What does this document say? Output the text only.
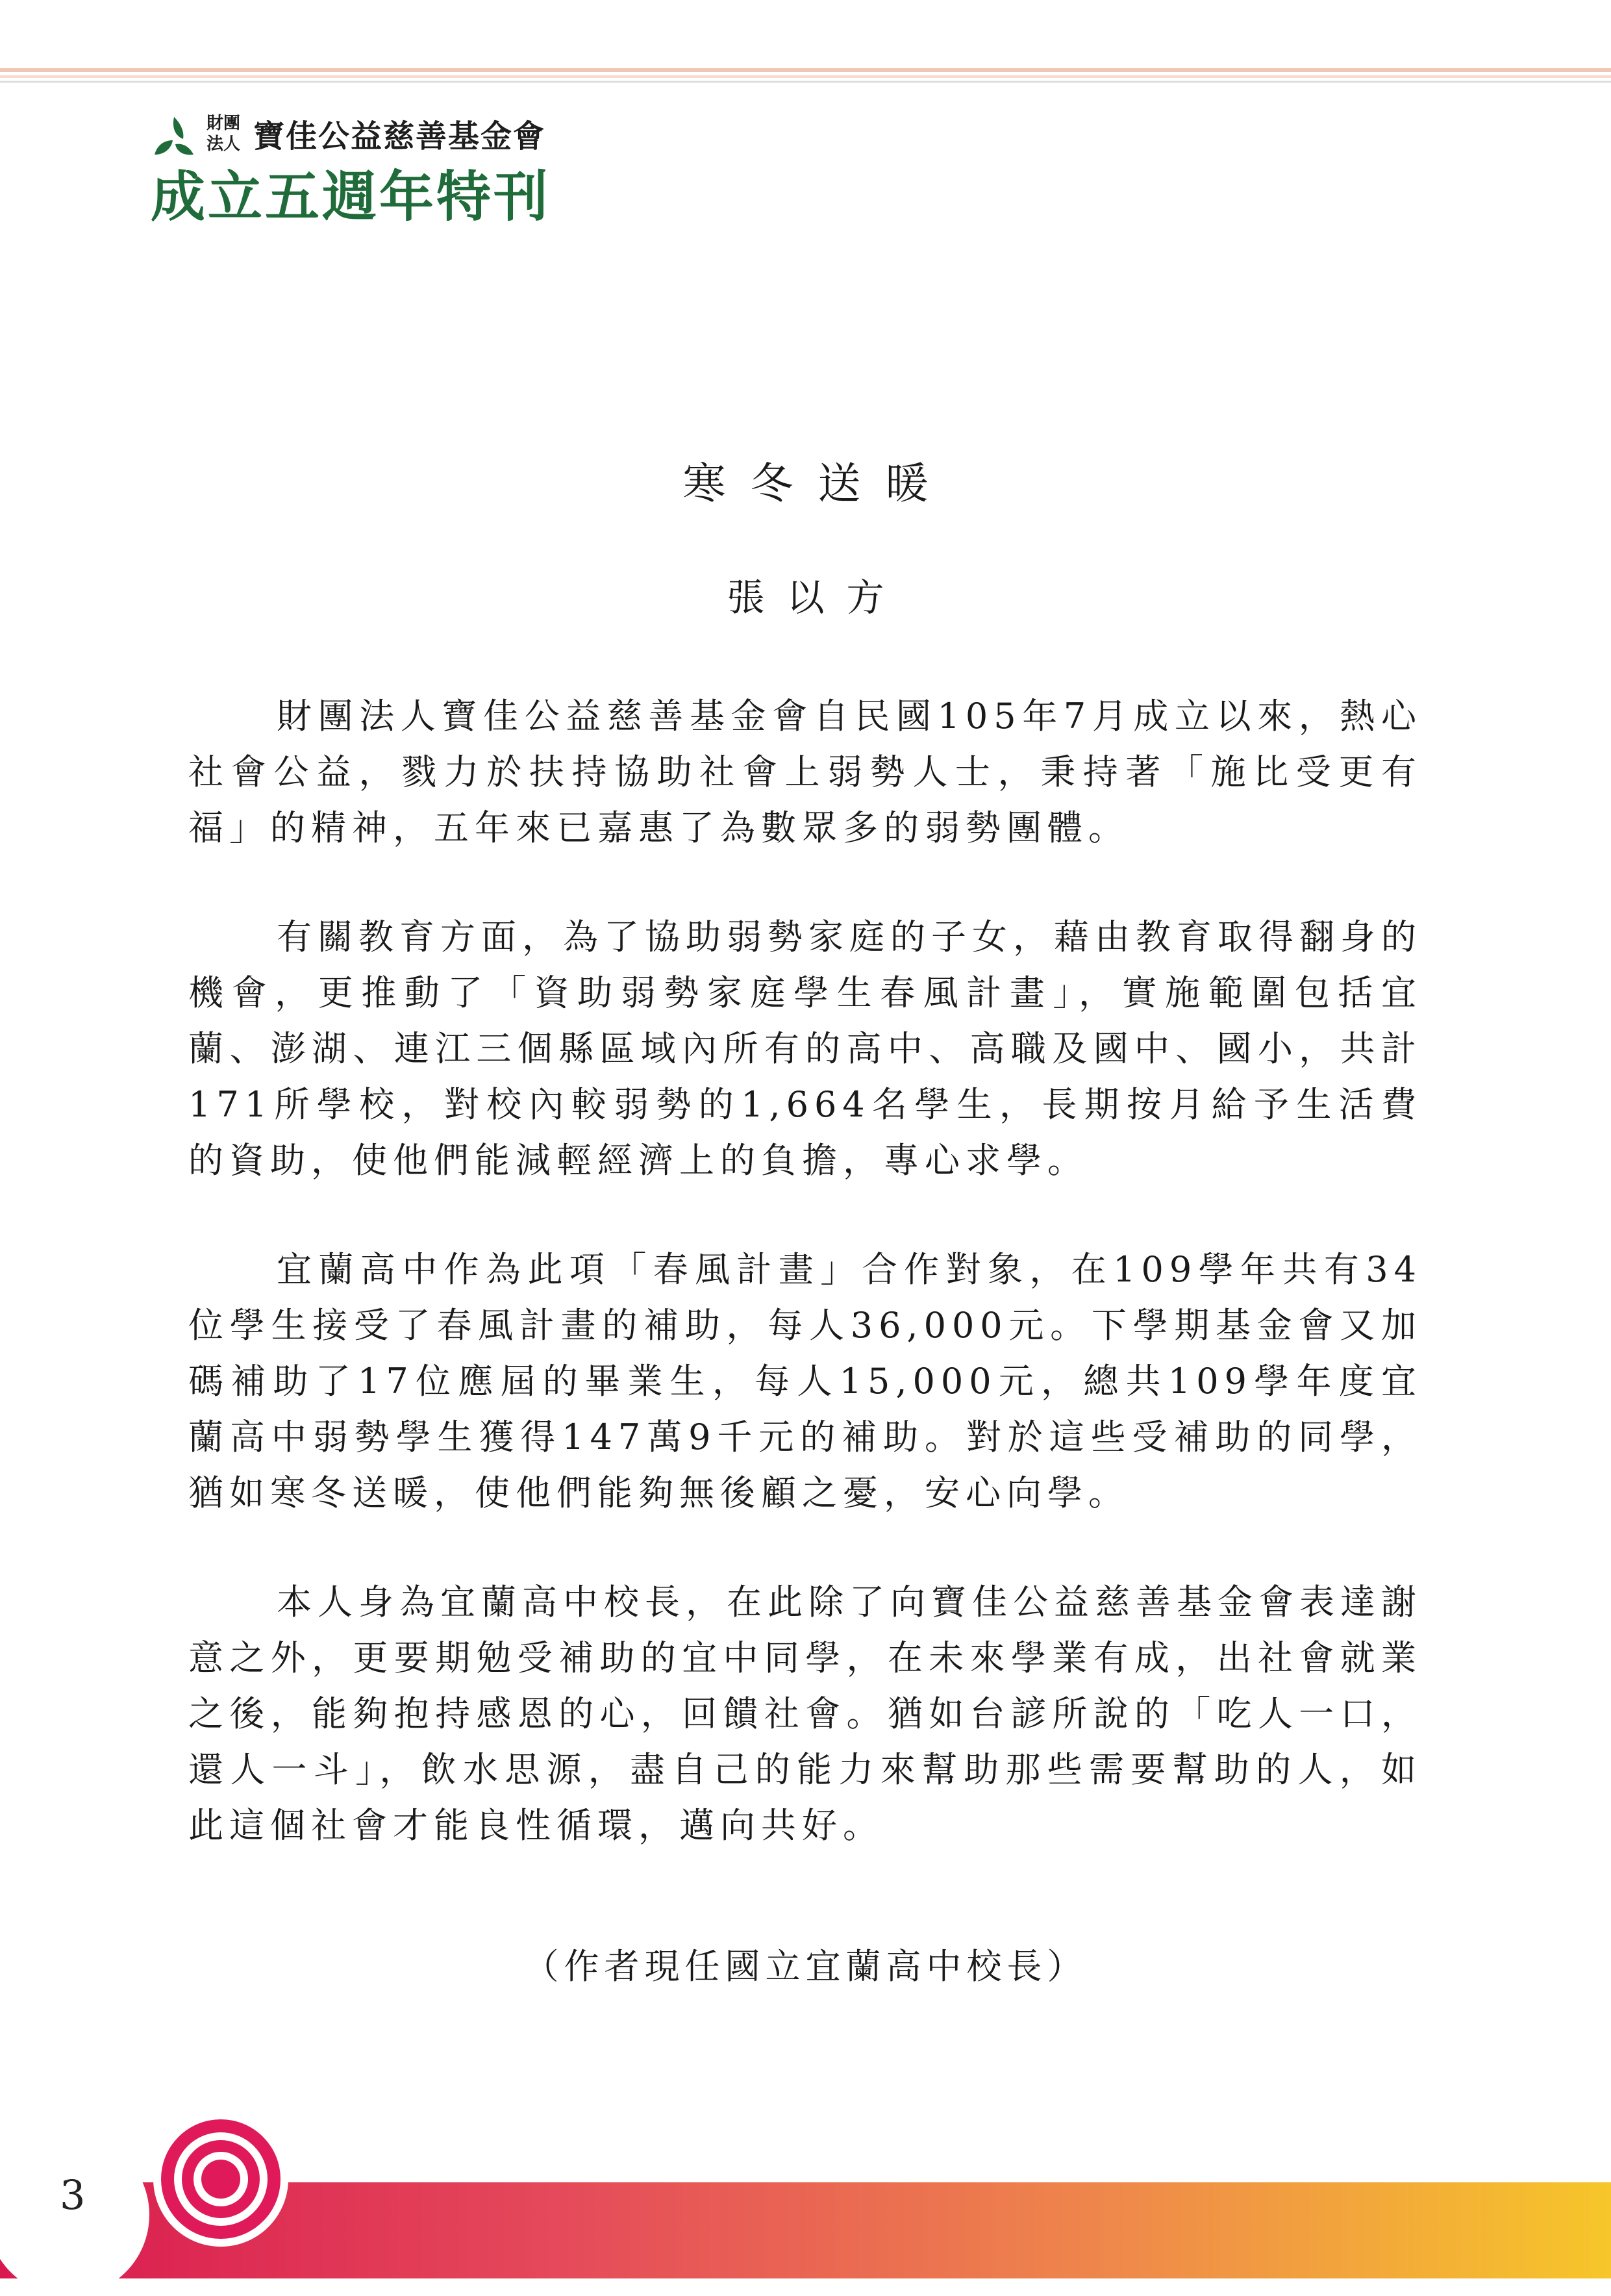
財團
法人 寶佳公益慈善基金會
成立五週年特刊
寒冬送暖
張以方

財團法人寶佳公益慈善基金會自民國105年7月成立以來，熱心社會公益，戮力於扶持協助社會上弱勢人士，秉持著「施比受更有福」的精神，五年來已嘉惠了為數眾多的弱勢團體。

有關教育方面，為了協助弱勢家庭的子女，藉由教育取得翻身的機會，更推動了「資助弱勢家庭學生春風計畫」，實施範圍包括宜蘭、澎湖、連江三個縣區域內所有的高中、高職及國中、國小，共計171所學校，對校內較弱勢的1,664名學生，長期按月給予生活費的資助，使他們能減輕經濟上的負擔，專心求學。

宜蘭高中作為此項「春風計畫」合作對象，在109學年共有34位學生接受了春風計畫的補助，每人36,000元。下學期基金會又加碼補助了17位應屆的畢業生，每人15,000元，總共109學年度宜蘭高中弱勢學生獲得147萬9千元的補助。對於這些受補助的同學，猶如寒冬送暖，使他們能夠無後顧之憂，安心向學。

本人身為宜蘭高中校長，在此除了向寶佳公益慈善基金會表達謝意之外，更要期勉受補助的宜中同學，在未來學業有成，出社會就業之後，能夠抱持感恩的心，回饋社會。猶如台諺所說的「吃人一口，還人一斗」，飲水思源，盡自己的能力來幫助那些需要幫助的人，如此這個社會才能良性循環，邁向共好。

（作者現任國立宜蘭高中校長）
3
